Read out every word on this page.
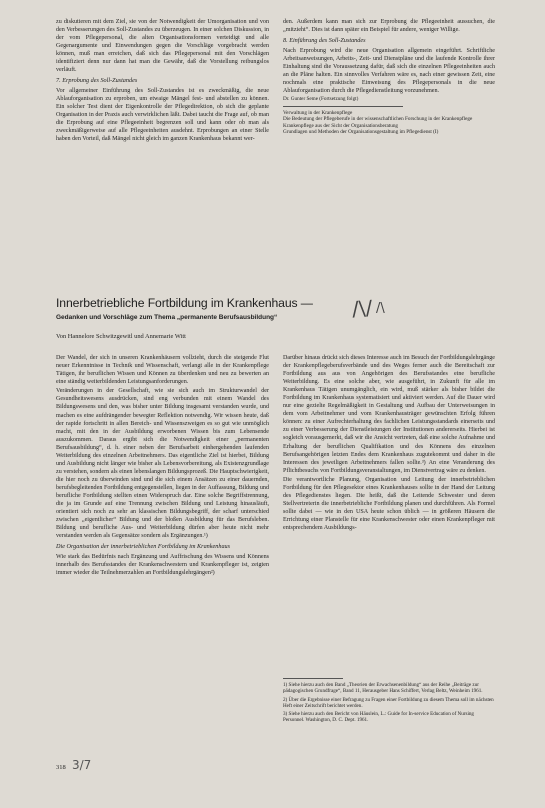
zu diskutieren mit dem Ziel, sie von der Notwendigkeit der Umorganisation und von den Verbesserungen des Soll-Zustandes zu überzeugen. In einer solchen Diskussion, in der vom Pflegepersonal, die alten Organisationsformen verteidigt und alle Gegenargumente und Einwendungen gegen die Vorschläge vorgebracht werden können, muß man erreichen, daß sich das Pflegepersonal mit den Vorschlägen identifiziert denn nur dann hat man die Gewähr, daß die Vorstellung reibungslos verläuft.

7. Erprobung des Soll-Zustandes

Vor allgemeiner Einführung des Soll-Zustandes ist es zweckmäßig, die neue Ablauforganisation zu erproben, um etwaige Mängel fest- und abstellen zu können. Ein solcher Test dient der Eigenkontrolle der Pflegedirektion, ob sich die geplante Organisation in der Praxis auch verwirklichen läßt. Dabei taucht die Frage auf, ob man die Erprobung auf eine Pflegeeinheit begrenzen soll und kann oder ob man als zweckmäßigerweise auf alle Pflegeeinheiten ausdehnt. Erprobungen an einer Stelle haben den Vorteil, daß Mängel nicht gleich im ganzen Krankenhaus bekannt wer-

den. Außerdem kann man sich zur Erprobung die Pflegeeinheit aussuchen, die „mitzieht“. Dies ist dann später ein Beispiel für andere, weniger Willige.

8. Einführung des Soll-Zustandes

Nach Erprobung wird die neue Organisation allgemein eingeführt. Schriftliche Arbeitsanweisungen, Arbeits-, Zeit- und Dienstpläne und die laufende Kontrolle ihrer Einhaltung sind die Voraussetzung dafür, daß sich die einzelnen Pflegeeinheiten auch an die Pläne halten. Ein sinnvolles Verfahren wäre es, nach einer gewissen Zeit, eine nochmals eine praktische Einweisung des Pflegepersonals in die neue Ablauforganisation durch die Pflegedienstleitung vorzunehmen.

Dr. Gunter Seme (Fortsetzung folgt)

Verwaltung in der Krankenpflege

Die Bedeutung der Pflegeberufe in der wissenschaftlichen Forschung in der Krankenpflege

Krankenpflege aus der Sicht der Organisationsberatung

Grundlagen und Methoden der Organisationsgestaltung im Pflegedienst (I)

Innerbetriebliche Fortbildung im Krankenhaus —
Gedanken und Vorschläge zum Thema „permanente Berufsausbildung“

Von Hannelore Schwitzgewitl und Annemarie Witt

/\/ /\

Der Wandel, der sich in unseren Krankenhäusern vollzieht, durch die steigende Flut neuer Erkenntnisse in Technik und Wissenschaft, verlangt alle in der Krankenpflege Tätigen, ihr beruflichen Wissen und Können zu überdenken und neu zu bewerten an eine ständig weiterbildenden Leistungsanforderungen.

Veränderungen in der Gesellschaft, wie sie sich auch im Strukturwandel der Gesundheitswesens ausdrücken, sind eng verbunden mit einem Wandel des Bildungswesens und den, was bisher unter Bildung insgesamt verstanden wurde, und machen es eine aufdrängender bewegter Reflektion notwendig. Wir wissen heute, daß der rapide fortschritt in allen Bereich- und Wissenszweigen es so gut wie unmöglich macht, mit den in der Ausbildung erworbenen Wissen bis zum Lebensende auszukommen. Daraus ergibt sich die Notwendigkeit einer „permanenten Berufsausbildung“, d. h. einer neben der Berufsarbeit einhergehenden laufenden Weiterbildung des einzelnen Arbeitnehmers. Das eigentliche Ziel ist hierbei, Bildung und Ausbildung nicht länger wie bisher als Lebensvorbereitung, als Existenzgrundlage zu verstehen, sondern als einen lebenslangen Bildungsprozeß. Die Hauptschwierigkeit, die hier noch zu überwinden sind und die sich einem Ansätzen zu einer dauernden, berufsbegleitenden Fortbildung entgegenstellen, liegen in der Auffassung, Bildung und berufliche Fortbildung stellten einen Widerspruch dar. Eine solche Begriffstrennung, die ja im Grunde auf eine Trennung zwischen Bildung und Leistung hinausläuft, orientiert sich noch zu sehr an klassischen Bildungsbegriff, der scharf unterschied zwischen „eigentlicher“ Bildung und der bloßen Ausbildung für das Berufsleben. Bildung und berufliche Aus- und Weiterbildung dürfen aber heute nicht mehr verstanden werden als Gegensätze sondern als Ergänzungen.¹)

Die Organisation der innerbetrieblichen Fortbildung im Krankenhaus

Wie stark das Bedürfnis nach Ergänzung und Auffrischung des Wissens und Könnens innerhalb des Berufsstandes der Krankenschwestern und Krankenpfleger ist, zeigten immer wieder die Teilnehmerzahlen an Fortbildungslehrgängen²)

Darüber hinaus drückt sich dieses Interesse auch im Besuch der Fortbildungslehrgänge der Krankenpflegeberufsverbände und des Weges ferner auch die Bereitschaft zur Fortbildung aus aus von Angehörigen des Berufsstandes eine berufliche Weiterbildung. Es eine solche aber, wie ausgeführt, in Zukunft für alle im Krankenhaus Tätigen unumgänglich, ein wird, muß stärker als bisher bildet die Fortbildung im Krankenhaus systematisiert und aktiviert werden. Auf die Dauer wird nur eine gezielte Regelmäßigkeit in Gestaltung und Aufbau der Unterweisungen in dem vom Arbeitnehmer und vom Krankenhausträger gewünschten Erfolg führen können: zu einer Aufrechterhaltung des fachlichen Leistungsstandards einerseits und zu einer Verbesserung der Dienstleistungen der Institutionen andererseits. Hierbei ist sogleich vorausgemerkt, daß wir die Ansicht vertreten, daß eine solche Aufnahme und Erhaltung der beruflichen Qualifikation und des Könnens des einzelnen Berufsangehörigen letzten Endes dem Krankenhaus zugutekommt und daher in die Interessen des jeweiligen Arbeitnehmers fallen sollte.³) An eine Veranderung des Pflichtbesuchs von Fortbildungsveranstaltungen, im Dienstvertrag wäre zu denken.

Die verantwortliche Planung, Organisation und Leitung der innerbetrieblichen Fortbildung für den Pflegesektor eines Krankenhauses sollte in der Hand der Leitung des Pflegedienstes liegen. Die heißt, daß die Leitende Schwester und deren Stellvertreterin die innerbetriebliche Fortbildung planen und durchführen. Als Formel sollte dabei — wie in den USA heute schon üblich — in größeren Häusern die Errichtung einer Planstelle für eine Krankenschwester oder einen Krankenpfleger mit entsprechendem Ausbildungs-

1) Siehe hierzu auch den Band „Theorien der Erwachsenenbildung“ aus der Reihe „Beiträge zur pädagogischen Grundfrage“, Band 11, Herausgeber Hans Schiffert, Verlag Beltz, Weinheim 1961.

2) Über die Ergebnisse einer Befragung zu Fragen einer Fortbildung zu diesem Thema soll im nächsten Heft einer Zeitschrift berichtet werden.

3) Siehe hierzu auch den Bericht von Häuslein, L.: Guide for In-service Education of Nursing Personnel. Washington, D. C. Dept. 1961.

318 3/7
